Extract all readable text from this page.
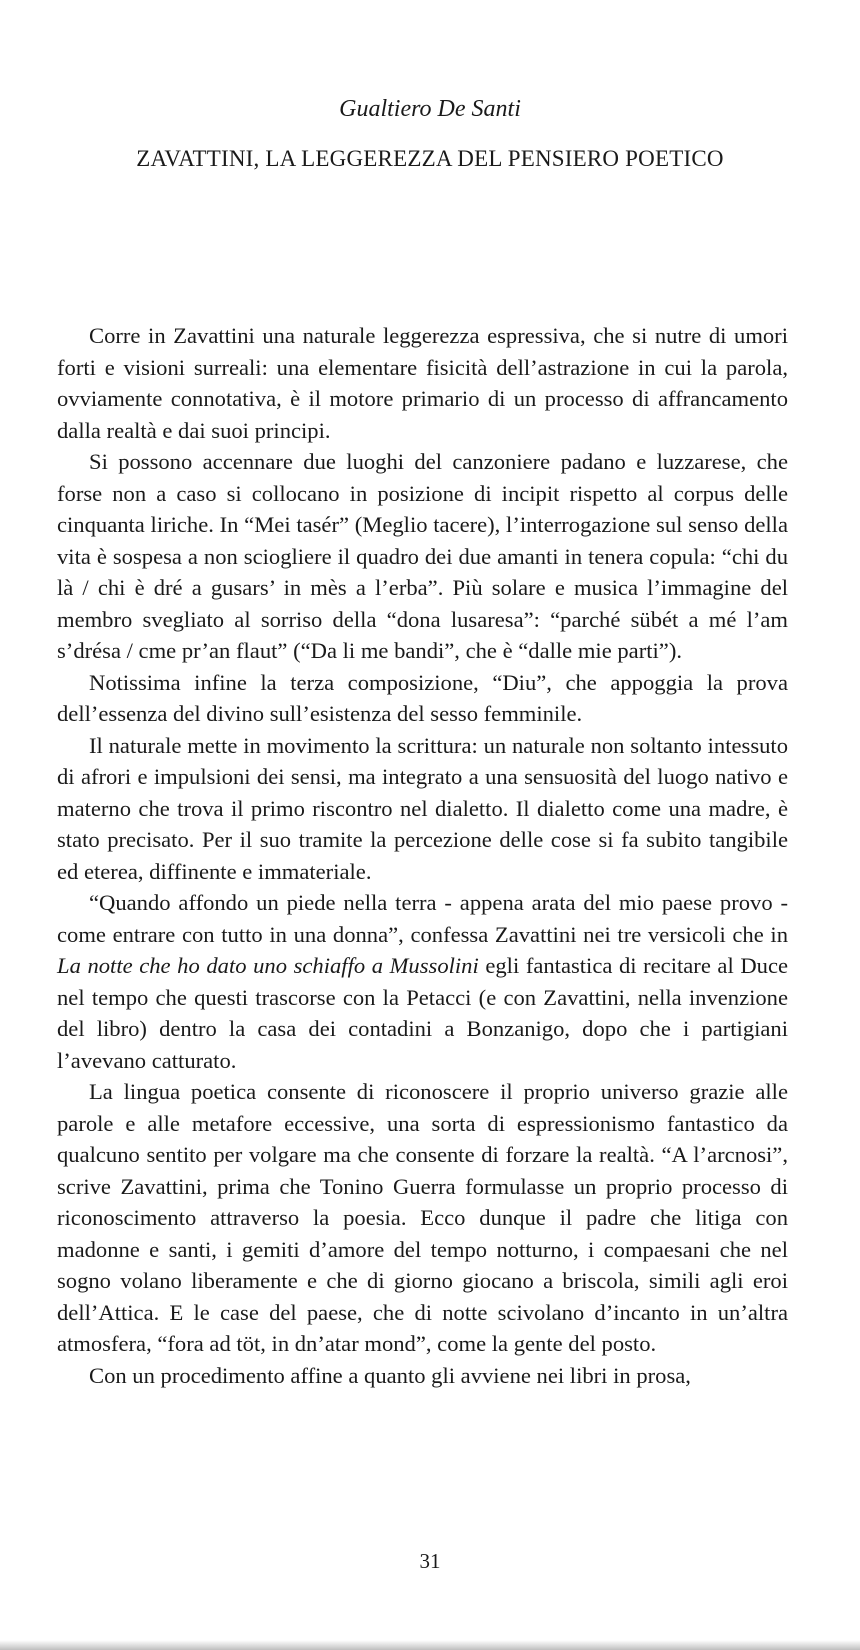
Gualtiero De Santi
ZAVATTINI, LA LEGGEREZZA DEL PENSIERO POETICO

Corre in Zavattini una naturale leggerezza espressiva, che si nutre di umori forti e visioni surreali: una elementare fisicità dell’astrazione in cui la parola, ovviamente connotativa, è il motore primario di un processo di affrancamento dalla realtà e dai suoi principi.

Si possono accennare due luoghi del canzoniere padano e luzzarese, che forse non a caso si collocano in posizione di incipit rispetto al corpus delle cinquanta liriche. In “Mei tasér” (Meglio tacere), l’interrogazione sul senso della vita è sospesa a non sciogliere il quadro dei due amanti in tenera copula: “chi du là / chi è dré a gusars’ in mès a l’erba”. Più solare e musica l’immagine del membro svegliato al sorriso della “dona lusaresa”: “parché sübét a mé l’am s’drésa / cme pr’an flaut” (“Da li me bandi”, che è “dalle mie parti”).

Notissima infine la terza composizione, “Diu”, che appoggia la prova dell’essenza del divino sull’esistenza del sesso femminile.

Il naturale mette in movimento la scrittura: un naturale non soltanto intessuto di afrori e impulsioni dei sensi, ma integrato a una sensuosità del luogo nativo e materno che trova il primo riscontro nel dialetto. Il dialetto come una madre, è stato precisato. Per il suo tramite la percezione delle cose si fa subito tangibile ed eterea, diffinente e immateriale.

“Quando affondo un piede nella terra - appena arata del mio paese provo - come entrare con tutto in una donna”, confessa Zavattini nei tre versicoli che in La notte che ho dato uno schiaffo a Mussolini egli fantastica di recitare al Duce nel tempo che questi trascorse con la Petacci (e con Zavattini, nella invenzione del libro) dentro la casa dei contadini a Bonzanigo, dopo che i partigiani l’avevano catturato.

La lingua poetica consente di riconoscere il proprio universo grazie alle parole e alle metafore eccessive, una sorta di espressionismo fantastico da qualcuno sentito per volgare ma che consente di forzare la realtà. “A l’arcnosi”, scrive Zavattini, prima che Tonino Guerra formulasse un proprio processo di riconoscimento attraverso la poesia. Ecco dunque il padre che litiga con madonne e santi, i gemiti d’amore del tempo notturno, i compaesani che nel sogno volano liberamente e che di giorno giocano a briscola, simili agli eroi dell’Attica. E le case del paese, che di notte scivolano d’incanto in un’altra atmosfera, “fora ad töt, in dn’atar mond”, come la gente del posto.

Con un procedimento affine a quanto gli avviene nei libri in prosa,

31
